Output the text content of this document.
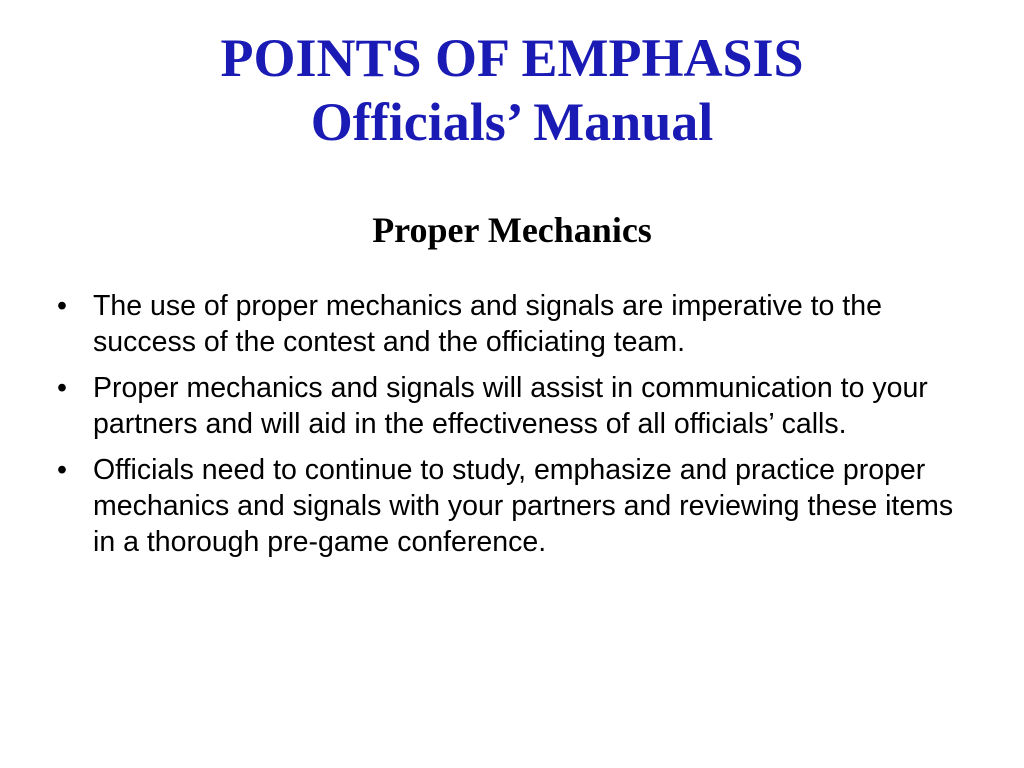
POINTS OF EMPHASIS
Officials’ Manual
Proper Mechanics
• The use of proper mechanics and signals are imperative to the success of the contest and the officiating team.
• Proper mechanics and signals will assist in communication to your partners and will aid in the effectiveness of all officials’ calls.
• Officials need to continue to study, emphasize and practice proper mechanics and signals with your partners and reviewing these items in a thorough pre-game conference.
